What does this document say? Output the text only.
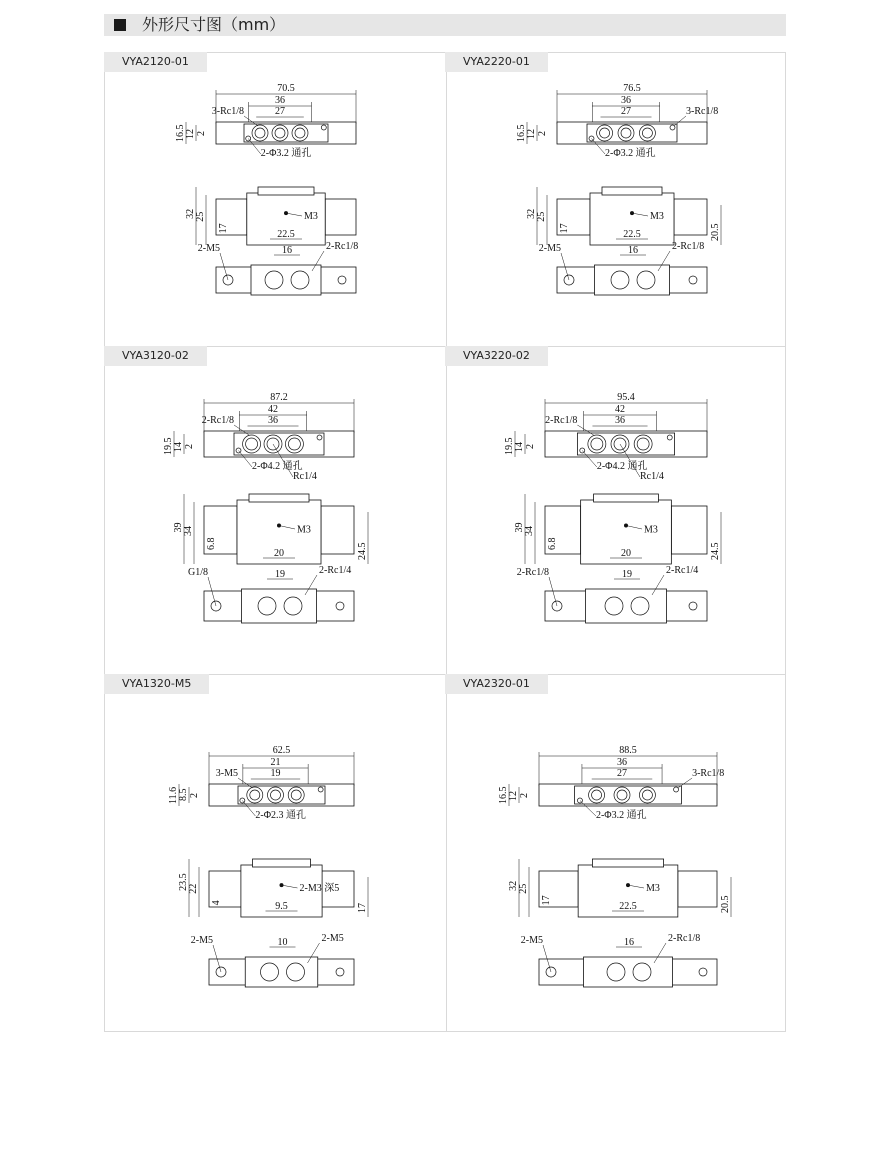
外形尺寸图（mm）
VYA2120-01
70.5
36
27
16.5 12 2
3-Rc1/8
2-Φ3.2 通孔
M3
22.5
32 25
17
16
2-M5	2-Rc1/8
VYA2220-01
76.5
36
27
16.5 12 2
3-Rc1/8
2-Φ3.2 通孔
M3
22.5
32 25
17	20.5
16
2-M5	2-Rc1/8
VYA3120-02
87.2
42
36
19.5 14 2
2-Rc1/8
2-Φ4.2 通孔
Rc1/4
M3
20
39 34
6.8	24.5
19
G1/8	2-Rc1/4
VYA3220-02
95.4
42
36
19.5 14 2
2-Rc1/8
2-Φ4.2 通孔
Rc1/4
M3
20
39 34
6.8	24.5
19
2-Rc1/8	2-Rc1/4
VYA1320-M5
62.5
21
19
11.6 8.5 2
3-M5
2-Φ2.3 通孔
2-M3 深5
9.5
23.5 22
4
17
10
2-M5	2-M5
VYA2320-01
88.5
36
27
16.5 12 2
3-Rc1/8
2-Φ3.2 通孔
M3
22.5
32 25
17	20.5
16
2-M5	2-Rc1/8
